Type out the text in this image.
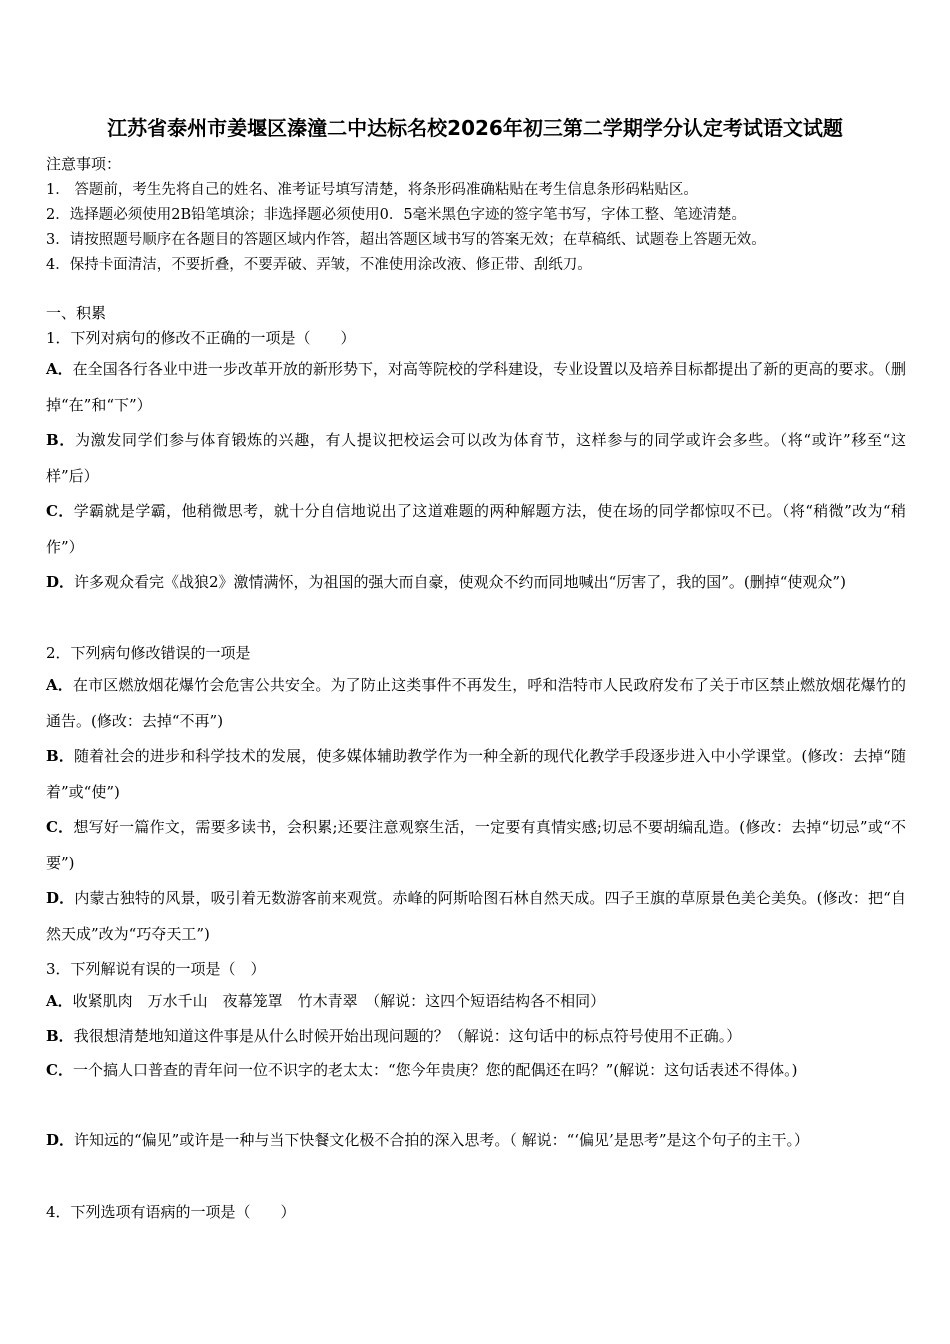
江苏省泰州市姜堰区溱潼二中达标名校2026年初三第二学期学分认定考试语文试题
注意事项：
1． 答题前，考生先将自己的姓名、准考证号填写清楚，将条形码准确粘贴在考生信息条形码粘贴区。
2．选择题必须使用2B铅笔填涂；非选择题必须使用0．5毫米黑色字迹的签字笔书写，字体工整、笔迹清楚。
3．请按照题号顺序在各题目的答题区域内作答，超出答题区域书写的答案无效；在草稿纸、试题卷上答题无效。
4．保持卡面清洁，不要折叠，不要弄破、弄皱，不准使用涂改液、修正带、刮纸刀。
一、积累
1．下列对病句的修改不正确的一项是（　　）
A．在全国各行各业中进一步改革开放的新形势下，对高等院校的学科建设，专业设置以及培养目标都提出了新的更高的要求。（删掉“在”和“下”）
B．为激发同学们参与体育锻炼的兴趣，有人提议把校运会可以改为体育节，这样参与的同学或许会多些。（将“或许”移至“这样”后）
C．学霸就是学霸，他稍微思考，就十分自信地说出了这道难题的两种解题方法，使在场的同学都惊叹不已。（将“稍微”改为“稍作”）
D．许多观众看完《战狼2》激情满怀，为祖国的强大而自豪，使观众不约而同地喊出“厉害了，我的国”。(删掉“使观众”)
2．下列病句修改错误的一项是
A．在市区燃放烟花爆竹会危害公共安全。为了防止这类事件不再发生，呼和浩特市人民政府发布了关于市区禁止燃放烟花爆竹的通告。(修改：去掉“不再”)
B．随着社会的进步和科学技术的发展，使多媒体辅助教学作为一种全新的现代化教学手段逐步进入中小学课堂。(修改：去掉“随着”或“使”)
C．想写好一篇作文，需要多读书，会积累;还要注意观察生活，一定要有真情实感;切忌不要胡编乱造。(修改：去掉“切忌”或“不要”)
D．内蒙古独特的风景，吸引着无数游客前来观赏。赤峰的阿斯哈图石林自然天成。四子王旗的草原景色美仑美奂。(修改：把“自然天成”改为“巧夺天工”)
3．下列解说有误的一项是（　）
A．收紧肌肉　万水千山　夜幕笼罩　竹木青翠　（解说：这四个短语结构各不相同）
B．我很想清楚地知道这件事是从什么时候开始出现问题的？（解说：这句话中的标点符号使用不正确。）
C．一个搞人口普查的青年问一位不识字的老太太：“您今年贵庚？您的配偶还在吗？”(解说：这句话表述不得体。)
D．许知远的“偏见”或许是一种与当下快餐文化极不合拍的深入思考。（ 解说：“‘偏见’是思考”是这个句子的主干。）
4．下列选项有语病的一项是（　　）
